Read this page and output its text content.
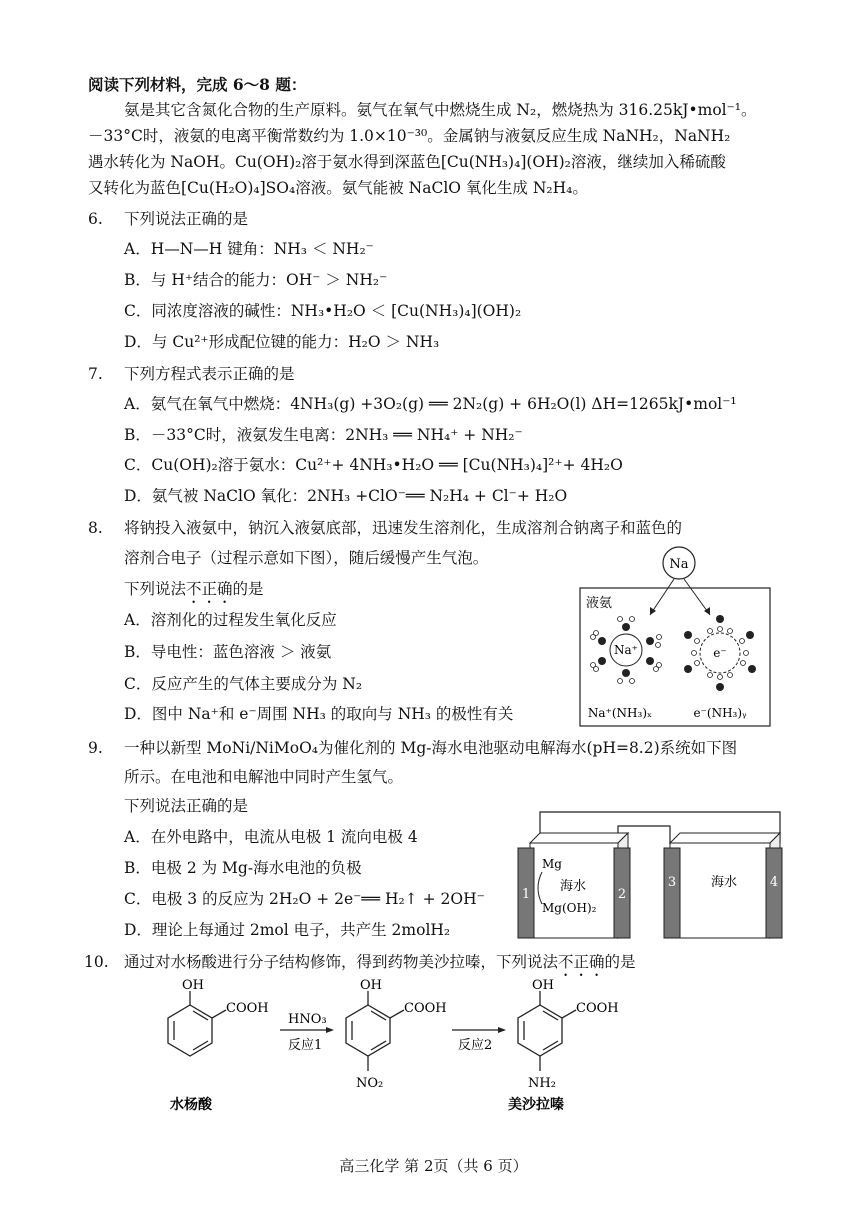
阅读下列材料，完成 6～8 题：
氨是其它含氮化合物的生产原料。氨气在氧气中燃烧生成 N₂，燃烧热为 316.25kJ•mol⁻¹。
－33°C时，液氨的电离平衡常数约为 1.0×10⁻³⁰。金属钠与液氨反应生成 NaNH₂，NaNH₂
遇水转化为 NaOH。Cu(OH)₂溶于氨水得到深蓝色[Cu(NH₃)₄](OH)₂溶液，继续加入稀硫酸
又转化为蓝色[Cu(H₂O)₄]SO₄溶液。氨气能被 NaClO 氧化生成 N₂H₄。
6. 下列说法正确的是
A．H—N—H 键角：NH₃ ＜ NH₂⁻
B．与 H⁺结合的能力：OH⁻ ＞ NH₂⁻
C．同浓度溶液的碱性：NH₃•H₂O ＜ [Cu(NH₃)₄](OH)₂
D．与 Cu²⁺形成配位键的能力：H₂O ＞ NH₃
7. 下列方程式表示正确的是
A．氨气在氧气中燃烧：4NH₃(g) +3O₂(g) ══ 2N₂(g) + 6H₂O(l) ΔH=1265kJ•mol⁻¹
B．－33°C时，液氨发生电离：2NH₃ ══ NH₄⁺ + NH₂⁻
C．Cu(OH)₂溶于氨水：Cu²⁺+ 4NH₃•H₂O ══ [Cu(NH₃)₄]²⁺+ 4H₂O
D．氨气被 NaClO 氧化：2NH₃ +ClO⁻══ N₂H₄ + Cl⁻+ H₂O
8. 将钠投入液氨中，钠沉入液氨底部，迅速发生溶剂化，生成溶剂合钠离子和蓝色的
溶剂合电子（过程示意如下图），随后缓慢产生气泡。
下列说法不正确的是
A．溶剂化的过程发生氧化反应
B．导电性：蓝色溶液 ＞ 液氨
C．反应产生的气体主要成分为 N₂
D．图中 Na⁺和 e⁻周围 NH₃ 的取向与 NH₃ 的极性有关
Na
液氨
Na⁺	e⁻
Na⁺(NH₃)ₓ	e⁻(NH₃)ᵧ
9. 一种以新型 MoNi/NiMoO₄为催化剂的 Mg-海水电池驱动电解海水(pH=8.2)系统如下图
所示。在电池和电解池中同时产生氢气。
下列说法正确的是
A．在外电路中，电流从电极 1 流向电极 4
B．电极 2 为 Mg-海水电池的负极
C．电极 3 的反应为 2H₂O + 2e⁻══ H₂↑ + 2OH⁻
D．理论上每通过 2mol 电子，共产生 2molH₂
1	2
Mg
海水
Mg(OH)₂
3	4
海水
10. 通过对水杨酸进行分子结构修饰，得到药物美沙拉嗪，下列说法不正确的是
OH
COOH
水杨酸
HNO₃
反应1
OH
COOH
NO₂
反应2
OH
COOH
NH₂
美沙拉嗪
高三化学 第 2页（共 6 页）
